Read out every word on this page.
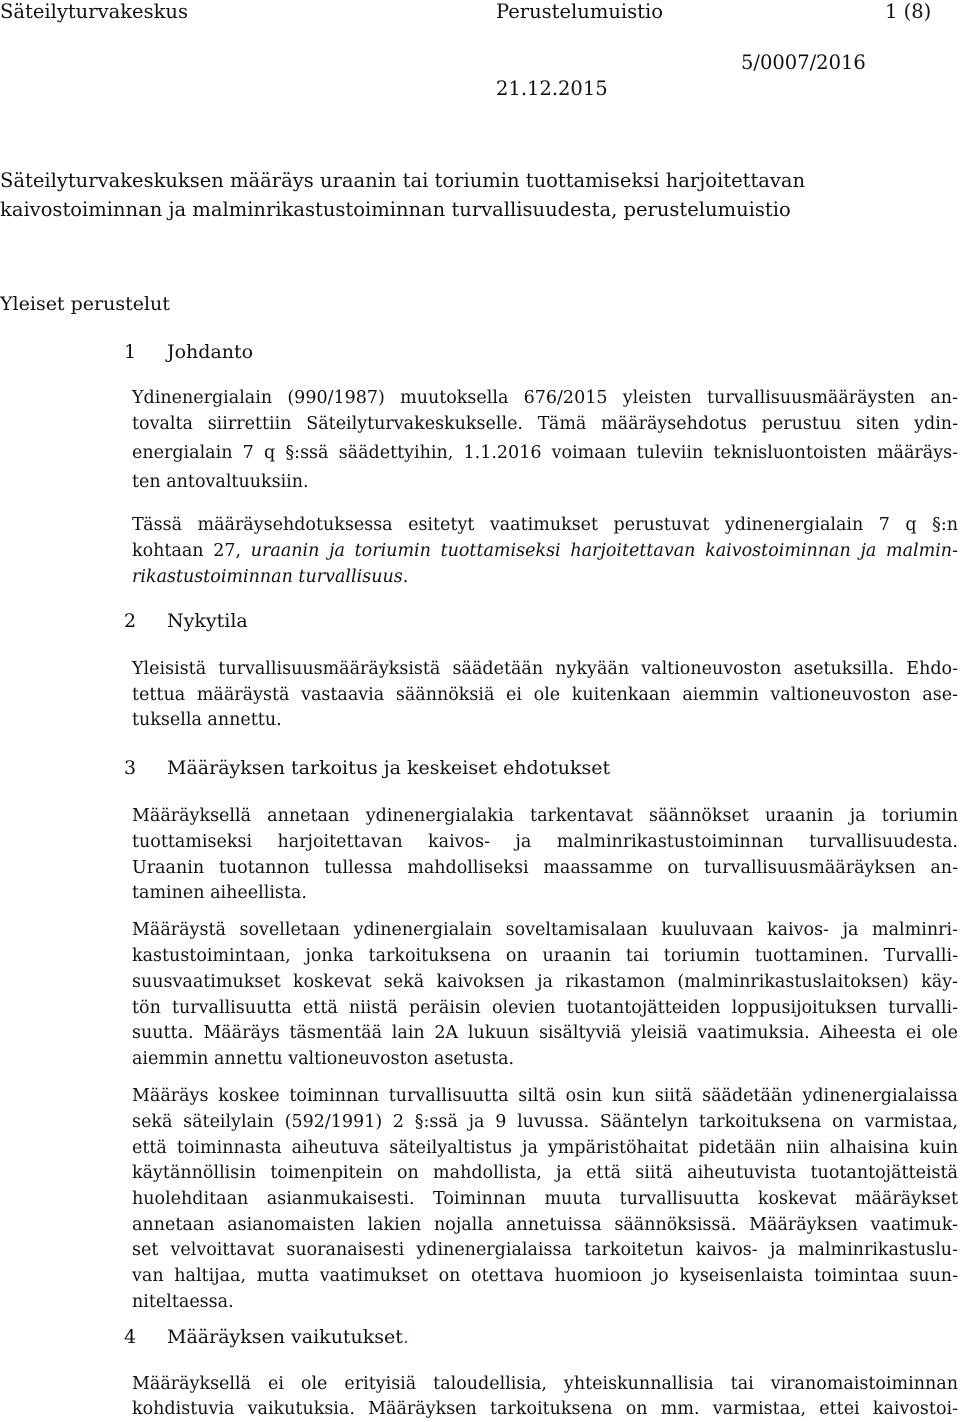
Säteilyturvakeskus	Perustelumuistio	1 (8)
5/0007/2016
21.12.2015
Säteilyturvakeskuksen määräys uraanin tai toriumin tuottamiseksi harjoitettavan
kaivostoiminnan ja malminrikastustoiminnan turvallisuudesta, perustelumuistio
Yleiset perustelut
1 Johdanto
Ydinenergialain (990/1987) muutoksella 676/2015 yleisten turvallisuusmääräysten an-
tovalta siirrettiin Säteilyturvakeskukselle. Tämä määräysehdotus perustuu siten ydin-
energialain 7 q §:ssä säädettyihin, 1.1.2016 voimaan tuleviin teknisluontoisten määräys-
ten antovaltuuksiin.
Tässä määräysehdotuksessa esitetyt vaatimukset perustuvat ydinenergialain 7 q §:n
kohtaan 27, uraanin ja toriumin tuottamiseksi harjoitettavan kaivostoiminnan ja malmin-
rikastustoiminnan turvallisuus.
2 Nykytila
Yleisistä turvallisuusmääräyksistä säädetään nykyään valtioneuvoston asetuksilla. Ehdo-
tettua määräystä vastaavia säännöksiä ei ole kuitenkaan aiemmin valtioneuvoston ase-
tuksella annettu.
3 Määräyksen tarkoitus ja keskeiset ehdotukset
Määräyksellä annetaan ydinenergialakia tarkentavat säännökset uraanin ja toriumin
tuottamiseksi harjoitettavan kaivos- ja malminrikastustoiminnan turvallisuudesta.
Uraanin tuotannon tullessa mahdolliseksi maassamme on turvallisuusmääräyksen an-
taminen aiheellista.
Määräystä sovelletaan ydinenergialain soveltamisalaan kuuluvaan kaivos- ja malminri-
kastustoimintaan, jonka tarkoituksena on uraanin tai toriumin tuottaminen. Turvalli-
suusvaatimukset koskevat sekä kaivoksen ja rikastamon (malminrikastuslaitoksen) käy-
tön turvallisuutta että niistä peräisin olevien tuotantojätteiden loppusijoituksen turvalli-
suutta. Määräys täsmentää lain 2A lukuun sisältyviä yleisiä vaatimuksia. Aiheesta ei ole
aiemmin annettu valtioneuvoston asetusta.
Määräys koskee toiminnan turvallisuutta siltä osin kun siitä säädetään ydinenergialaissa
sekä säteilylain (592/1991) 2 §:ssä ja 9 luvussa. Sääntelyn tarkoituksena on varmistaa,
että toiminnasta aiheutuva säteilyaltistus ja ympäristöhaitat pidetään niin alhaisina kuin
käytännöllisin toimenpitein on mahdollista, ja että siitä aiheutuvista tuotantojätteistä
huolehditaan asianmukaisesti. Toiminnan muuta turvallisuutta koskevat määräykset
annetaan asianomaisten lakien nojalla annetuissa säännöksissä. Määräyksen vaatimuk-
set velvoittavat suoranaisesti ydinenergialaissa tarkoitetun kaivos- ja malminrikastuslu-
van haltijaa, mutta vaatimukset on otettava huomioon jo kyseisenlaista toimintaa suun-
niteltaessa.
4 Määräyksen vaikutukset.
Määräyksellä ei ole erityisiä taloudellisia, yhteiskunnallisia tai viranomaistoiminnan
kohdistuvia vaikutuksia. Määräyksen tarkoituksena on mm. varmistaa, ettei kaivostoi-
